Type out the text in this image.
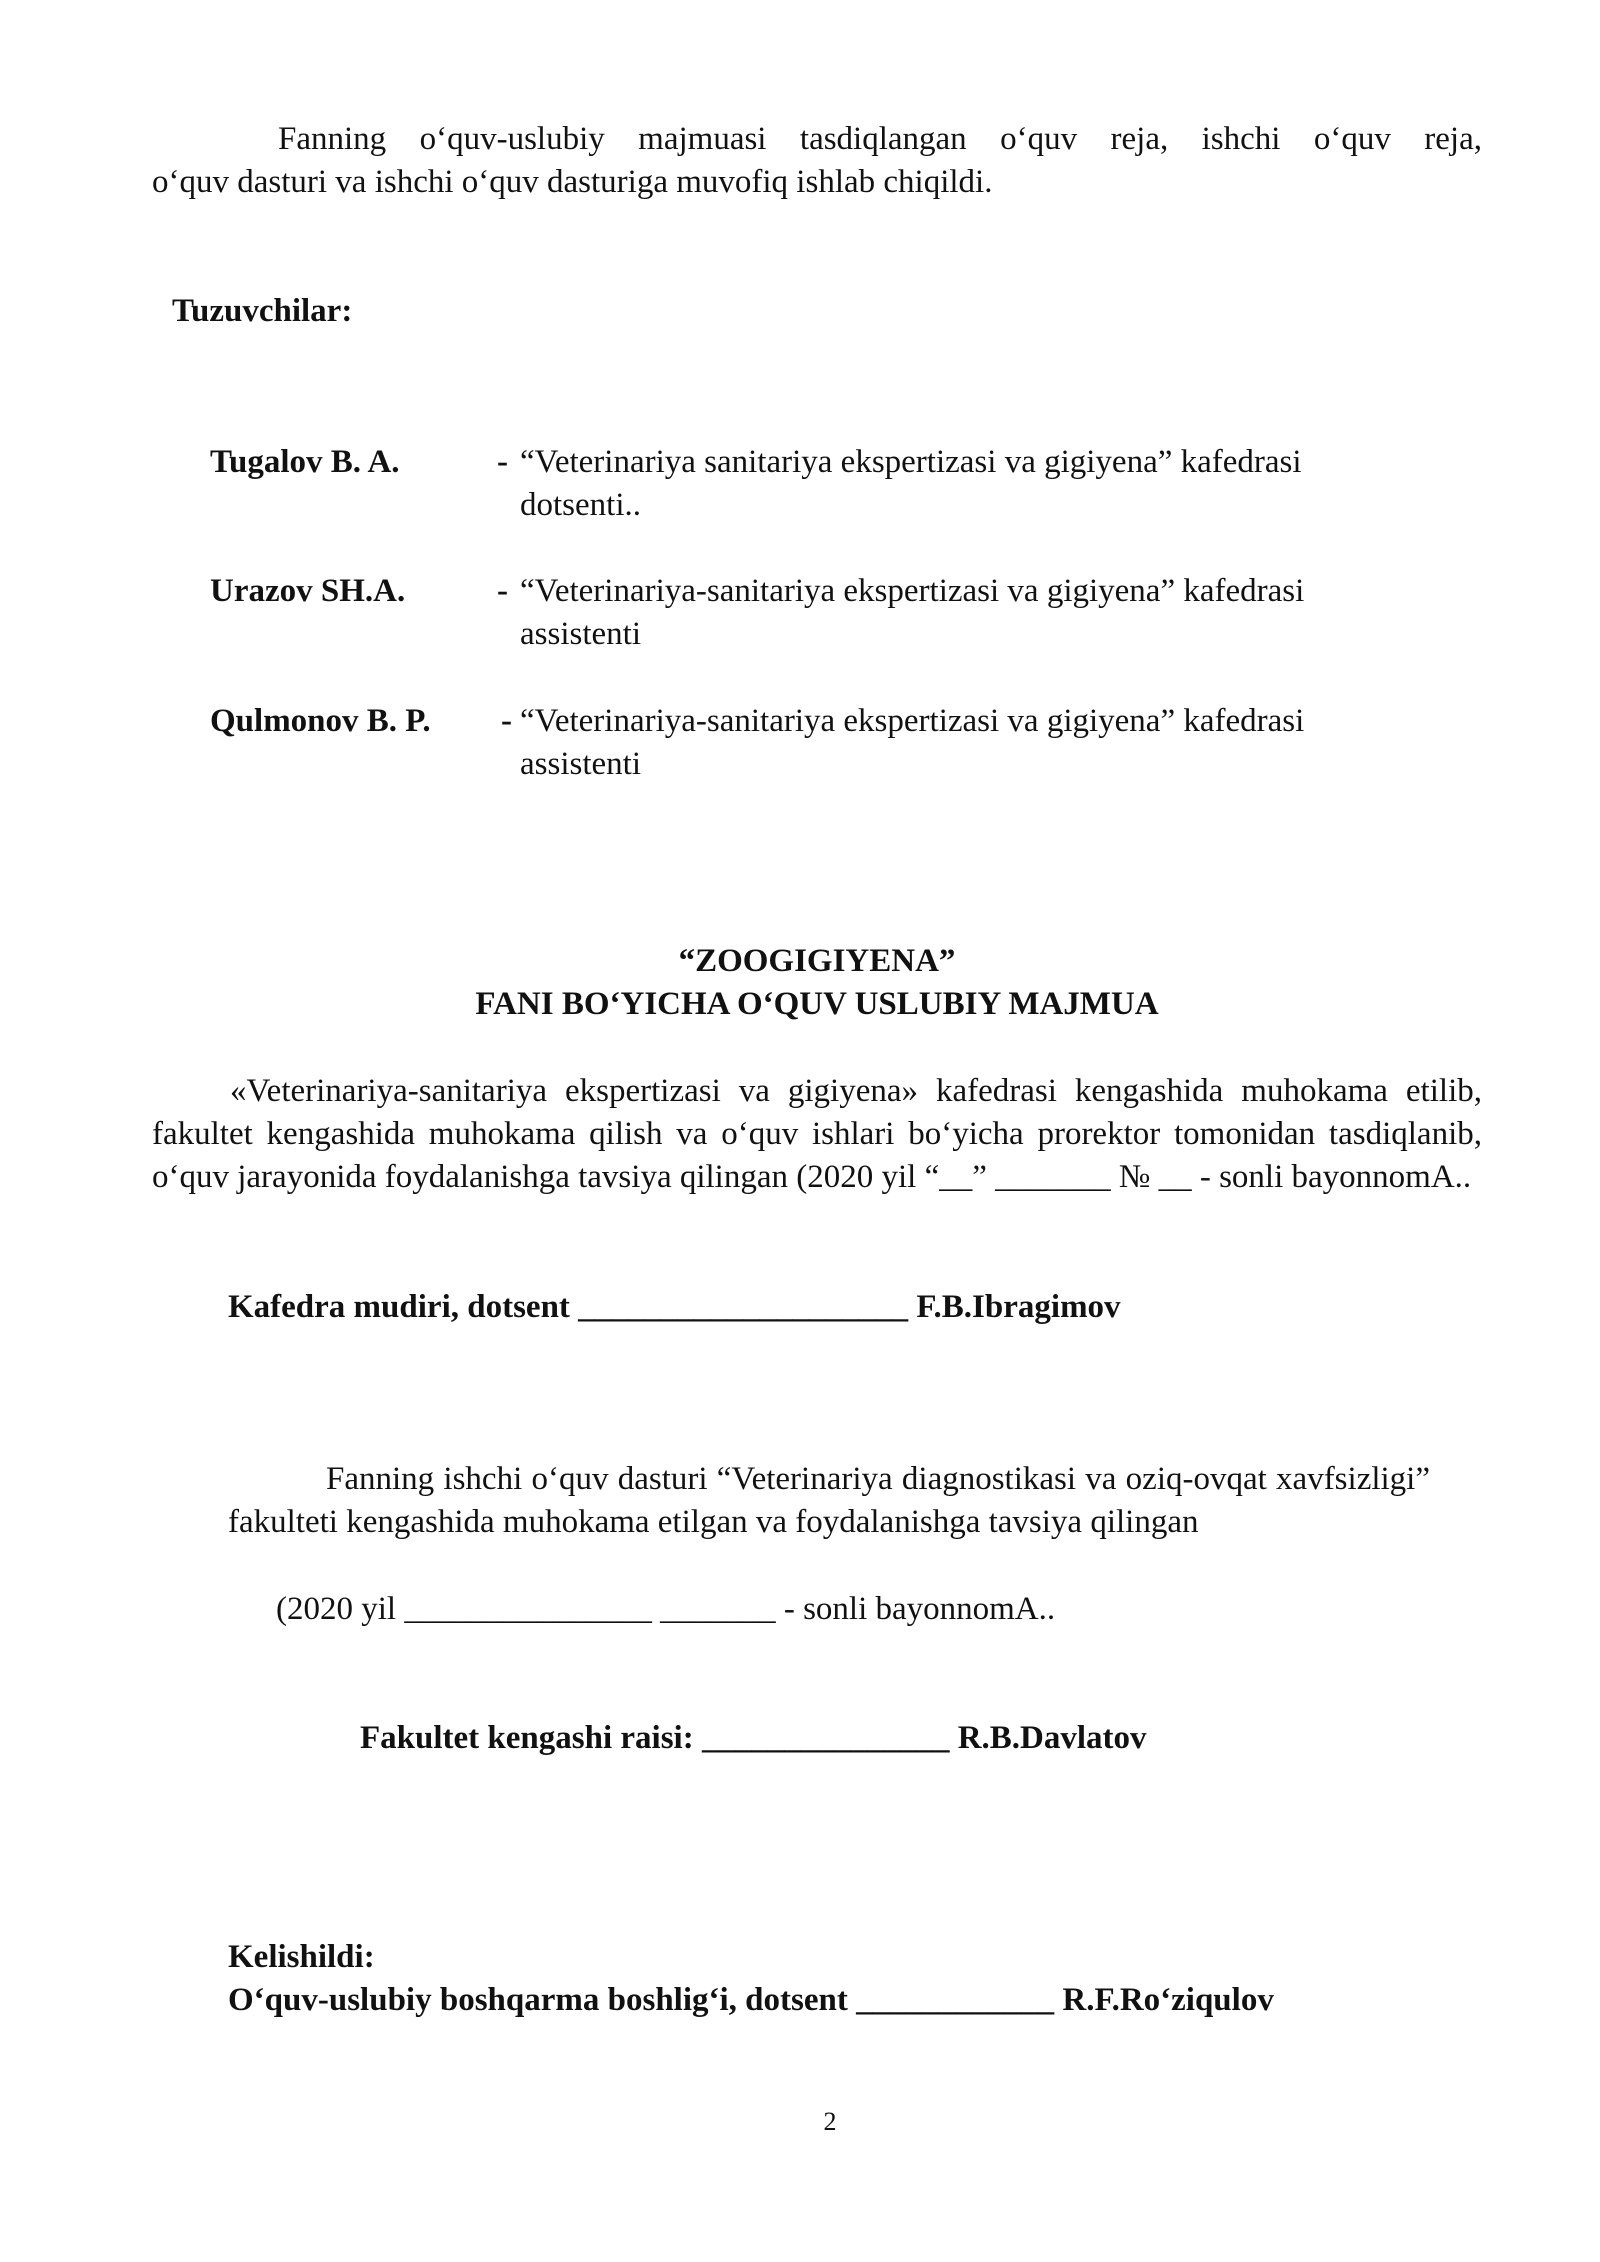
Fanning o‘quv-uslubiy majmuasi tasdiqlangan o‘quv reja, ishchi o‘quv reja,
o‘quv dasturi va ishchi o‘quv dasturiga muvofiq ishlab chiqildi.
Tuzuvchilar:
Tugalov B. A.	- “Veterinariya sanitariya ekspertizasi va gigiyena” kafedrasi
dotsenti..
Urazov SH.A.	- “Veterinariya-sanitariya ekspertizasi va gigiyena” kafedrasi
assistenti
Qulmonov B. P. - “Veterinariya-sanitariya ekspertizasi va gigiyena” kafedrasi
assistenti
“ZOOGIGIYENA”
FANI BO‘YICHA O‘QUV USLUBIY MAJMUA
«Veterinariya-sanitariya ekspertizasi va gigiyena» kafedrasi kengashida muhokama etilib, fakultet kengashida muhokama qilish va o‘quv ishlari bo‘yicha prorektor tomonidan tasdiqlanib, o‘quv jarayonida foydalanishga tavsiya qilingan (2020 yil “__” _______ № __ - sonli bayonnomA..
Kafedra mudiri, dotsent ____________________ F.B.Ibragimov
Fanning ishchi o‘quv dasturi “Veterinariya diagnostikasi va oziq-ovqat xavfsizligi” fakulteti kengashida muhokama etilgan va foydalanishga tavsiya qilingan
(2020 yil _______________ _______ - sonli bayonnomA..
Fakultet kengashi raisi: _______________ R.B.Davlatov
Kelishildi:
O‘quv-uslubiy boshqarma boshlig‘i, dotsent ____________ R.F.Ro‘ziqulov
2
